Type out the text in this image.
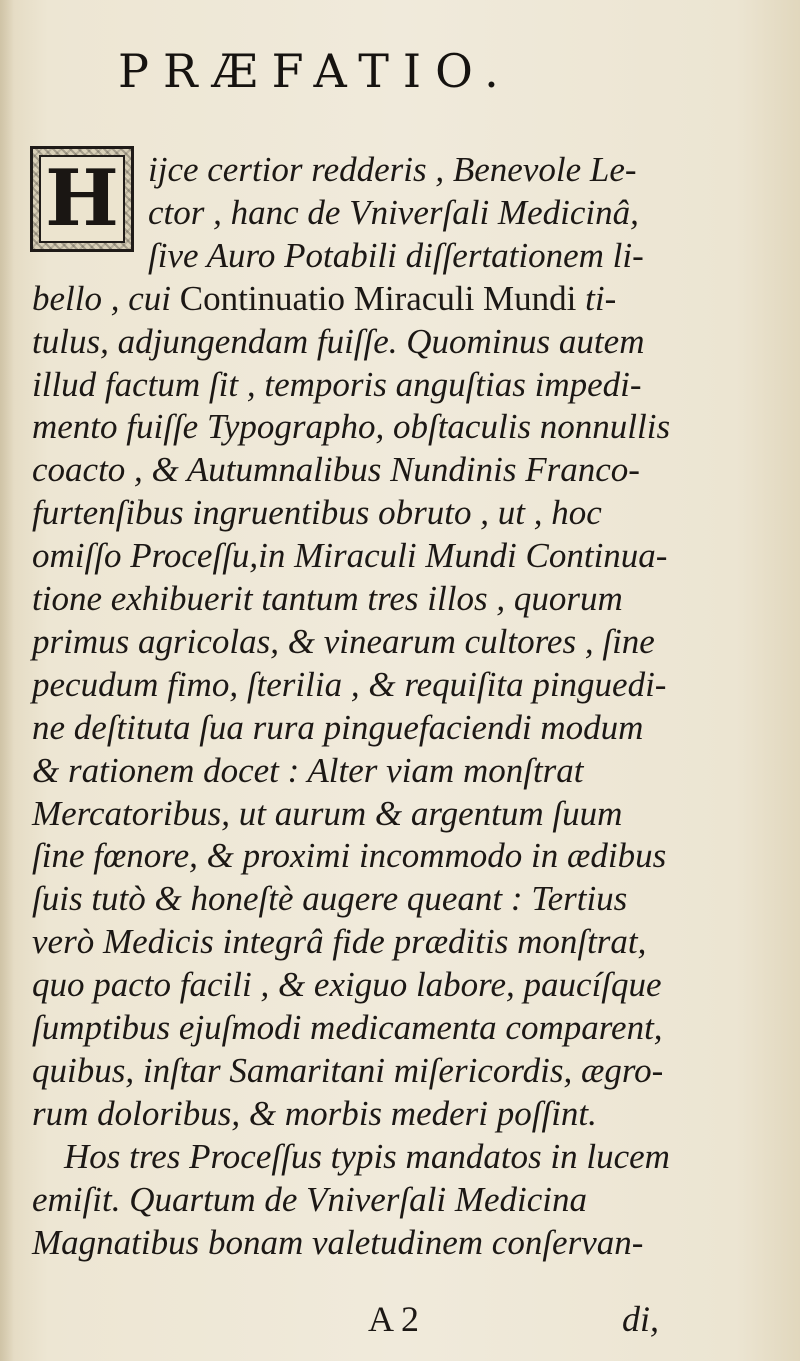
PRÆFATIO.
H ijce certior redderis , Benevole Le-
ctor , hanc de Vniverſali Medicinâ,
ſive Auro Potabili diſſertationem li-
bello , cui Continuatio Miraculi Mundi ti-
tulus, adjungendam fuiſſe. Quominus autem
illud factum ſit , temporis anguſtias impedi-
mento fuiſſe Typographo, obſtaculis nonnullis
coacto , & Autumnalibus Nundinis Franco-
furtenſibus ingruentibus obruto , ut , hoc
omiſſo Proceſſu,in Miraculi Mundi Continua-
tione exhibuerit tantum tres illos , quorum
primus agricolas, & vinearum cultores , ſine
pecudum fimo, ſterilia , & requiſita pinguedi-
ne deſtituta ſua rura pinguefaciendi modum
& rationem docet : Alter viam monſtrat
Mercatoribus, ut aurum & argentum ſuum
ſine fœnore, & proximi incommodo in ædibus
ſuis tutò & honeſtè augere queant : Tertius
verò Medicis integrâ fide præditis monſtrat,
quo pacto facili , & exiguo labore, paucíſque
ſumptibus ejuſmodi medicamenta comparent,
quibus, inſtar Samaritani miſericordis, ægro-
rum doloribus, & morbis mederi poſſint.
Hos tres Proceſſus typis mandatos in lucem
emiſit. Quartum de Vniverſali Medicina
Magnatibus bonam valetudinem conſervan-
A 2	di,
